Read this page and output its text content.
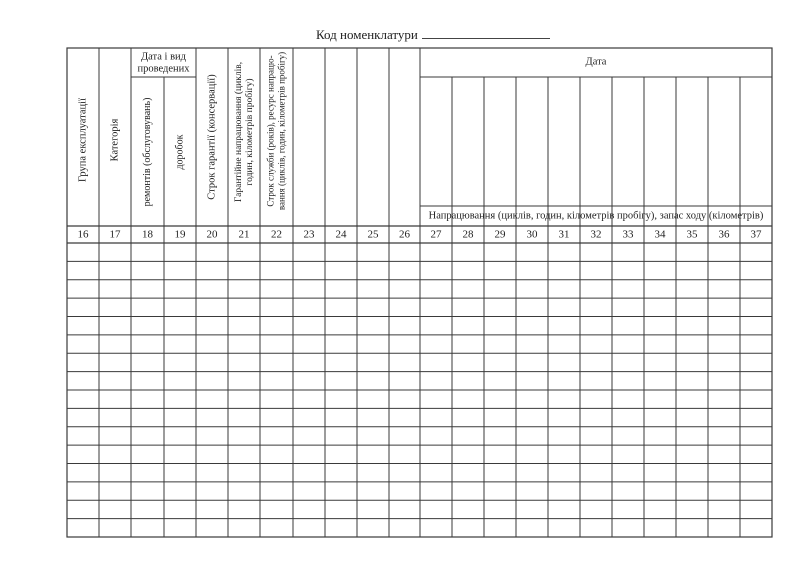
Код номенклатури
Група експлуатації Категорія
Дата і вид
проведених
ремонтів (обслуговувань) доробок Строк гарантії (консервації) Гарантійне напрацювання (циклів, годин, кілометрів пробігу) Строк служби (років), ресурс напрацю- вання (циклів, годин, кілометрів пробігу)	Дата
Напрацювання (циклів, годин, кілометрів пробігу), запас ходу (кілометрів)
16 17 18 19 20 21 22 23 24 25 26 27 28 29 30 31 32 33 34 35 36 37
